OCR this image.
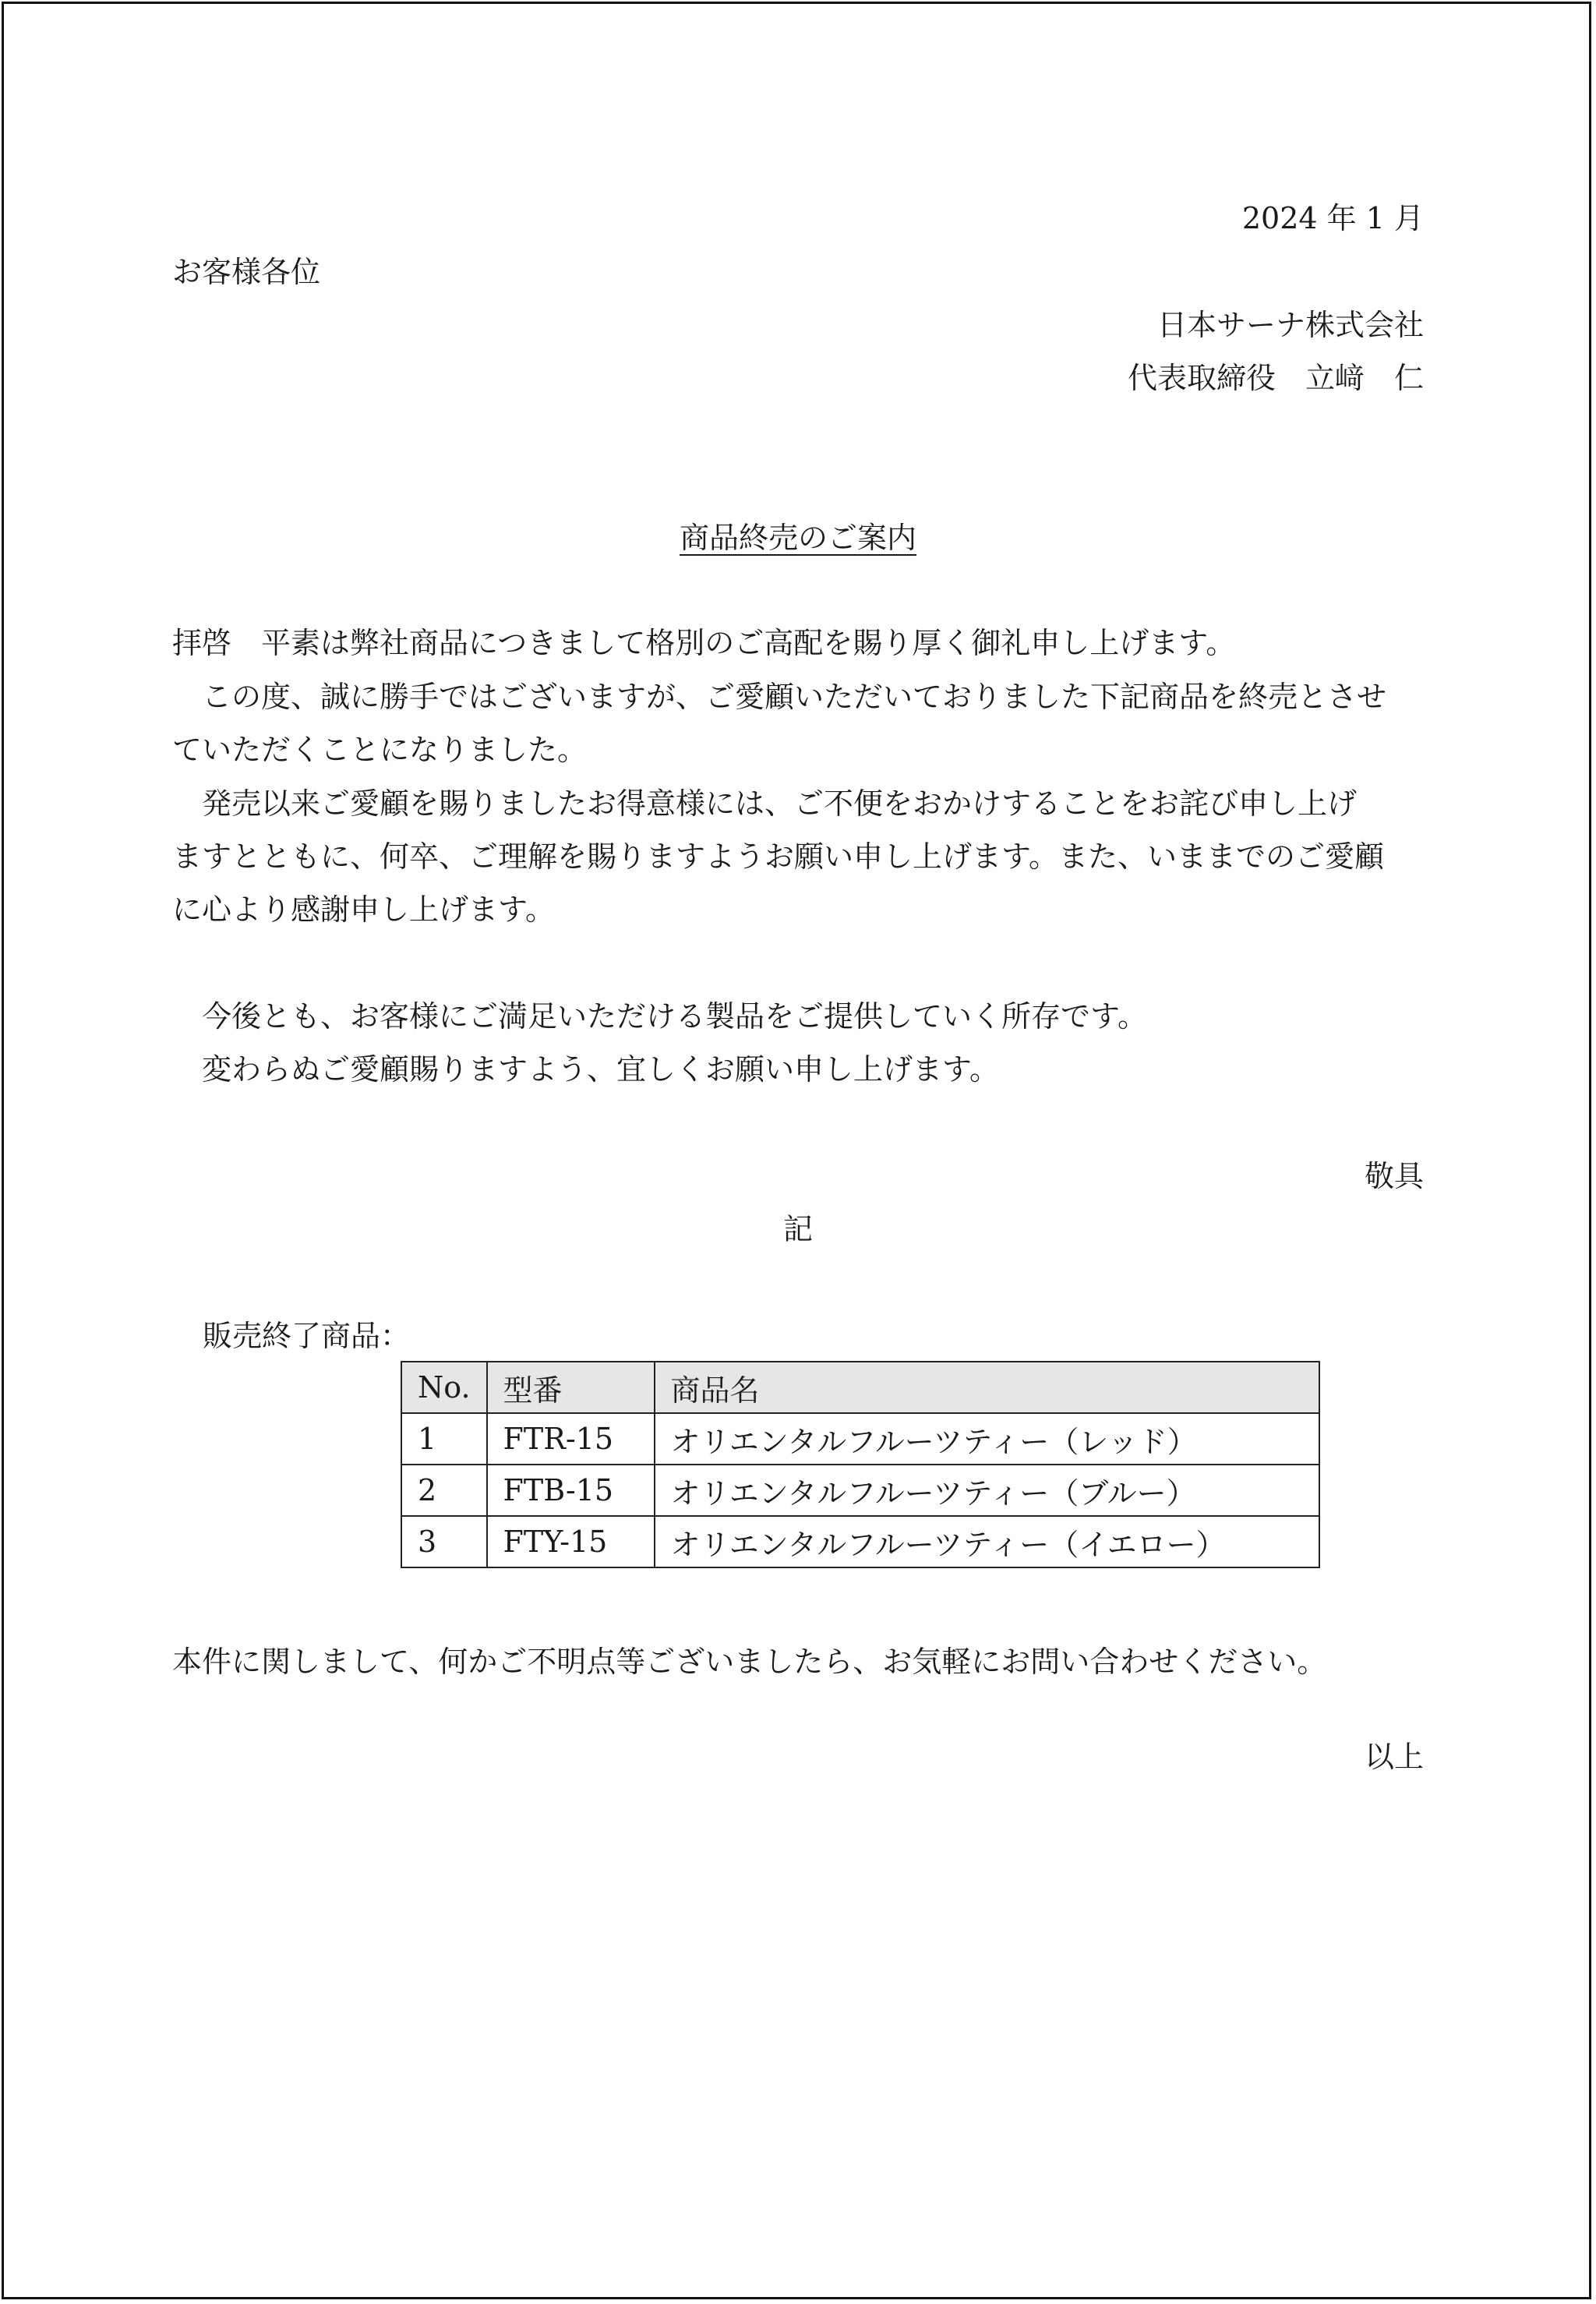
2024 年 1 月
お客様各位
日本サーナ株式会社
代表取締役　立﨑　仁
商品終売のご案内
拝啓　平素は弊社商品につきまして格別のご高配を賜り厚く御礼申し上げます。
　この度、誠に勝手ではございますが、ご愛顧いただいておりました下記商品を終売とさせ
ていただくことになりました。
　発売以来ご愛顧を賜りましたお得意様には、ご不便をおかけすることをお詫び申し上げ
ますとともに、何卒、ご理解を賜りますようお願い申し上げます。また、いままでのご愛顧
に心より感謝申し上げます。
　今後とも、お客様にご満足いただける製品をご提供していく所存です。
　変わらぬご愛顧賜りますよう、宜しくお願い申し上げます。
敬具
記
販売終了商品：
No.	型番	商品名
1	FTR-15	オリエンタルフルーツティー（レッド）
2	FTB-15	オリエンタルフルーツティー（ブルー）
3	FTY-15	オリエンタルフルーツティー（イエロー）
本件に関しまして、何かご不明点等ございましたら、お気軽にお問い合わせください。
以上
